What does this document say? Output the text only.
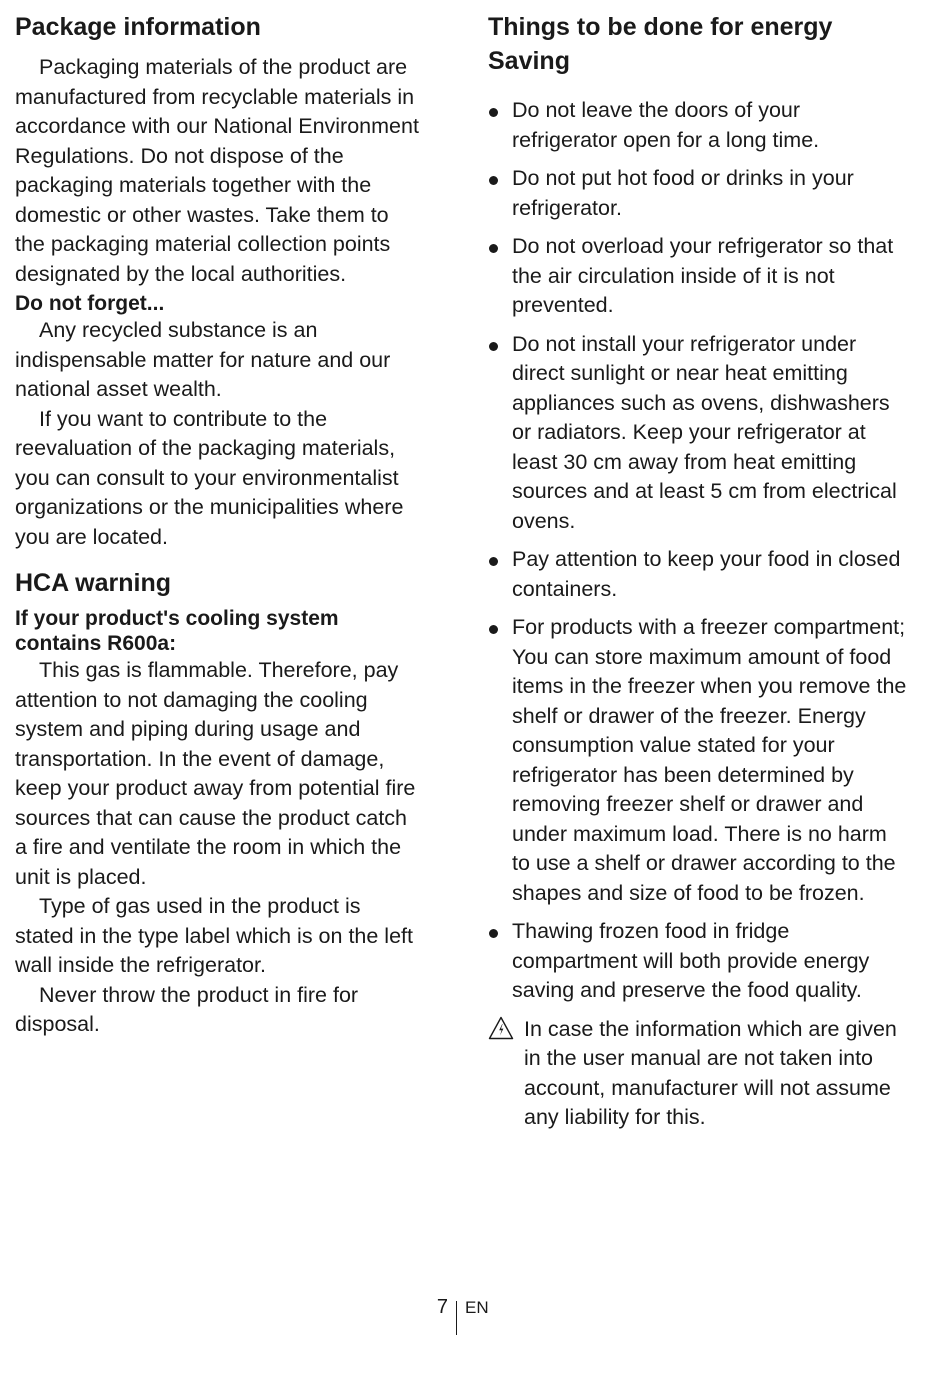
Package information

Packaging materials of the product are manufactured from recyclable materials in accordance with our National Environment Regulations. Do not dispose of the packaging materials together with the domestic or other wastes. Take them to the packaging material collection points designated by the local authorities.

Do not forget...

Any recycled substance is an indispensable matter for nature and our national asset wealth.

If you want to contribute to the reevaluation of the packaging materials, you can consult to your environmentalist organizations or the municipalities where you are located.

HCA warning
If your product's cooling system contains R600a:

This gas is flammable. Therefore, pay attention to not damaging the cooling system and piping during usage and transportation. In the event of damage, keep your product away from potential fire sources that can cause the product catch a fire and ventilate the room in which the unit is placed.

Type of gas used in the product is stated in the type label which is on the left wall inside the refrigerator.

Never throw the product in fire for disposal.

Things to be done for energy Saving
Do not leave the doors of your refrigerator open for a long time.
Do not put hot food or drinks in your refrigerator.
Do not overload your refrigerator so that the air circulation inside of it is not prevented.
Do not install your refrigerator under direct sunlight or near heat emitting appliances such as ovens, dishwashers or radiators. Keep your refrigerator at least 30 cm away from heat emitting sources and at least 5 cm from electrical ovens.
Pay attention to keep your food in closed containers.
For products with a freezer compartment; You can store maximum amount of food items in the freezer when you remove the shelf or drawer of the freezer. Energy consumption value stated for your refrigerator has been determined by removing freezer shelf or drawer and under maximum load. There is no harm to use a shelf or drawer according to the shapes and size of food to be frozen.
Thawing frozen food in fridge compartment will both provide energy saving and preserve the food quality.
In case the information which are given in the user manual are not taken into account, manufacturer will not assume any liability for this.
7 EN
